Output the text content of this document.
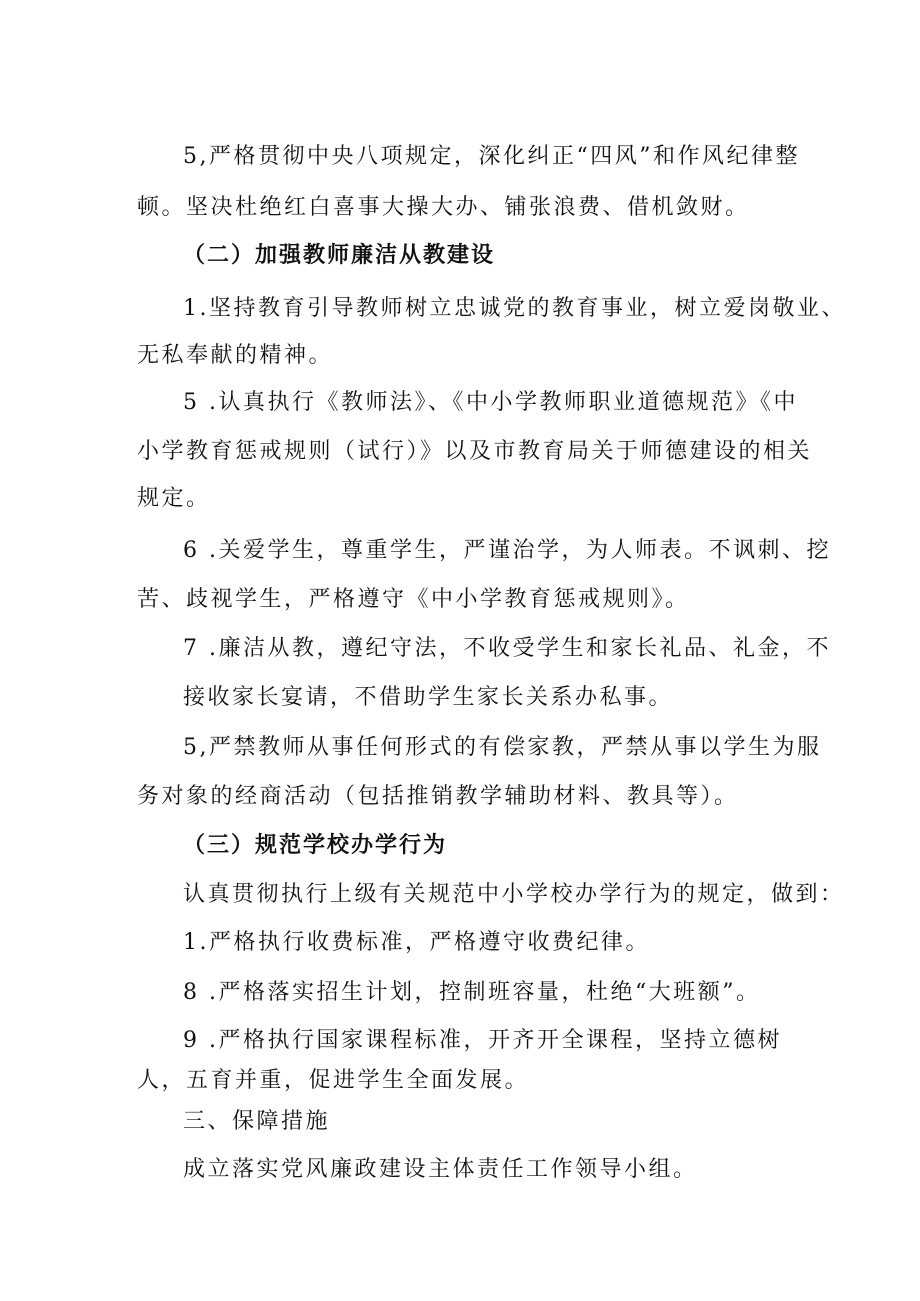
5,严格贯彻中央八项规定，深化纠正“四风”和作风纪律整
顿。坚决杜绝红白喜事大操大办、铺张浪费、借机敛财。
（二）加强教师廉洁从教建设
1.坚持教育引导教师树立忠诚党的教育事业，树立爱岗敬业、
无私奉献的精神。
5 .认真执行《教师法》、《中小学教师职业道德规范》《中
小学教育惩戒规则（试行）》以及市教育局关于师德建设的相关
规定。
6 .关爱学生，尊重学生，严谨治学，为人师表。不讽刺、挖
苦、歧视学生，严格遵守《中小学教育惩戒规则》。
7 .廉洁从教，遵纪守法，不收受学生和家长礼品、礼金，不
接收家长宴请，不借助学生家长关系办私事。
5,严禁教师从事任何形式的有偿家教，严禁从事以学生为服
务对象的经商活动（包括推销教学辅助材料、教具等）。
（三）规范学校办学行为
认真贯彻执行上级有关规范中小学校办学行为的规定，做到：
1.严格执行收费标准，严格遵守收费纪律。
8 .严格落实招生计划，控制班容量，杜绝“大班额”。
9 .严格执行国家课程标准，开齐开全课程，坚持立德树
人，五育并重，促进学生全面发展。
三、保障措施
成立落实党风廉政建设主体责任工作领导小组。
